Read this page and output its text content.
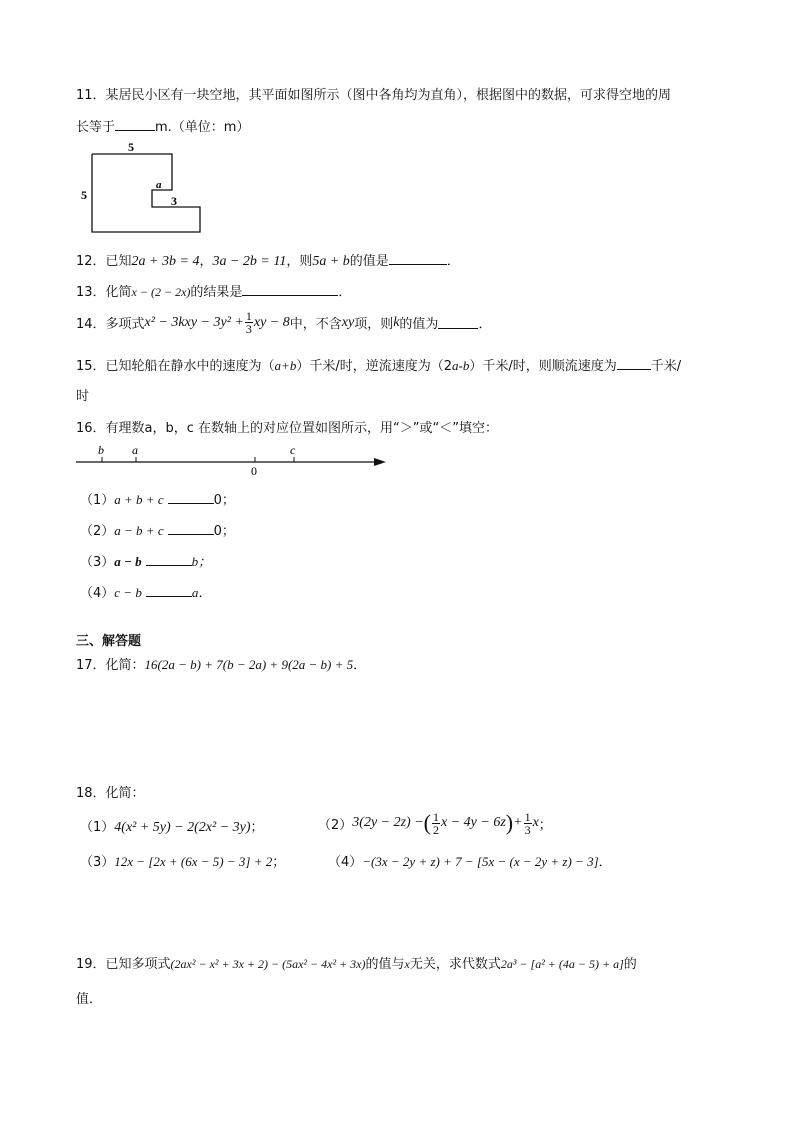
11．某居民小区有一块空地，其平面如图所示（图中各角均为直角），根据图中的数据，可求得空地的周
长等于	m.（单位：m）
5
5
a
3
12．已知2a + 3b = 4，3a − 2b = 11，则5a + b的值是	．
13．化简x − (2 − 2x)的结果是	．
14．多项式 $x^2 - 3kxy - 3y^2 + \frac{1}{3}$ xy − 8 中，不含 xy 项，则 k 的值为	．
15．已知轮船在静水中的速度为（a+b）千米/时，逆流速度为（2a-b）千米/时，则顺流速度为	千米/
时
16．有理数a，b，c 在数轴上的对应位置如图所示，用“＞”或“＜”填空：
b a
0
c
（1）a + b + c	0；
（2）a − b + c	0；
（3）a − b	b；
（4）c − b	a．
三、解答题
17．化简：16(2a − b) + 7(b − 2a) + 9(2a − b) + 5．
18．化简：
（1）4(x² + 5y) − 2(2x² − 3y)；	（2） 3(2y − 2z) − ( $\frac{1}{2}$ x − 4y − 6z ) + $\frac{1}{3}$ x ；
（3）12x − [2x + (6x − 5) − 3] + 2；	（4）−(3x − 2y + z) + 7 − [5x − (x − 2y + z) − 3]．
19．已知多项式(2ax² − x² + 3x + 2) − (5ax² − 4x² + 3x)的值与x无关，求代数式2a³ − [a² + (4a − 5) + a]的
值．
